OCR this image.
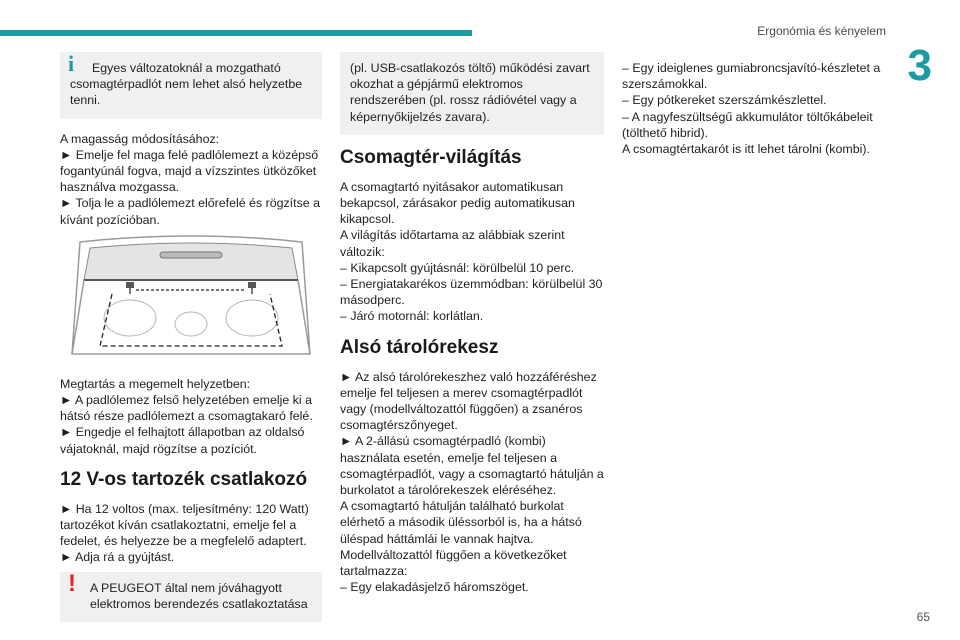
Ergonómia és kényelem
3
65
i	Egyes változatoknál a mozgatható csomagtérpadlót nem lehet alsó helyzetbe tenni.

A magasság módosításához:

► Emelje fel maga felé padlólemezt a középső fogantyúnál fogva, majd a vízszintes ütközőket használva mozgassa.

► Tolja le a padlólemezt előrefelé és rögzítse a kívánt pozícióban.

Megtartás a megemelt helyzetben:

► A padlólemez felső helyzetében emelje ki a hátsó része padlólemezt a csomagtakaró felé.

► Engedje el felhajtott állapotban az oldalsó vájatoknál, majd rögzítse a pozíciót.

12 V-os tartozék csatlakozó

► Ha 12 voltos (max. teljesítmény: 120 Watt) tartozékot kíván csatlakoztatni, emelje fel a fedelet, és helyezze be a megfelelő adaptert.

► Adja rá a gyújtást.

!	A PEUGEOT által nem jóváhagyott elektromos berendezés csatlakoztatása
(pl. USB-csatlakozós töltő) működési zavart okozhat a gépjármű elektromos rendszerében (pl. rossz rádióvétel vagy a képernyőkijelzés zavara).
Csomagtér-világítás

A csomagtartó nyitásakor automatikusan bekapcsol, zárásakor pedig automatikusan kikapcsol.

A világítás időtartama az alábbiak szerint változik:

– Kikapcsolt gyújtásnál: körülbelül 10 perc.

– Energiatakarékos üzemmódban: körülbelül 30 másodperc.

– Járó motornál: korlátlan.

Alsó tárolórekesz

► Az alsó tárolórekeszhez való hozzáféréshez emelje fel teljesen a merev csomagtérpadlót vagy (modellváltozattól függően) a zsanéros csomagtérszőnyeget.

► A 2-állású csomagtérpadló (kombi) használata esetén, emelje fel teljesen a csomagtérpadlót, vagy a csomagtartó hátulján a burkolatot a tárolórekeszek eléréséhez.

A csomagtartó hátulján található burkolat elérhető a második üléssorból is, ha a hátsó üléspad háttámlái le vannak hajtva.

Modellváltozattól függően a következőket tartalmazza:

– Egy elakadásjelző háromszöget.

– Egy ideiglenes gumiabroncsjavító-készletet a szerszámokkal.

– Egy pótkereket szerszámkészlettel.

– A nagyfeszültségű akkumulátor töltőkábeleit (tölthető hibrid).

A csomagtértakarót is itt lehet tárolni (kombi).
